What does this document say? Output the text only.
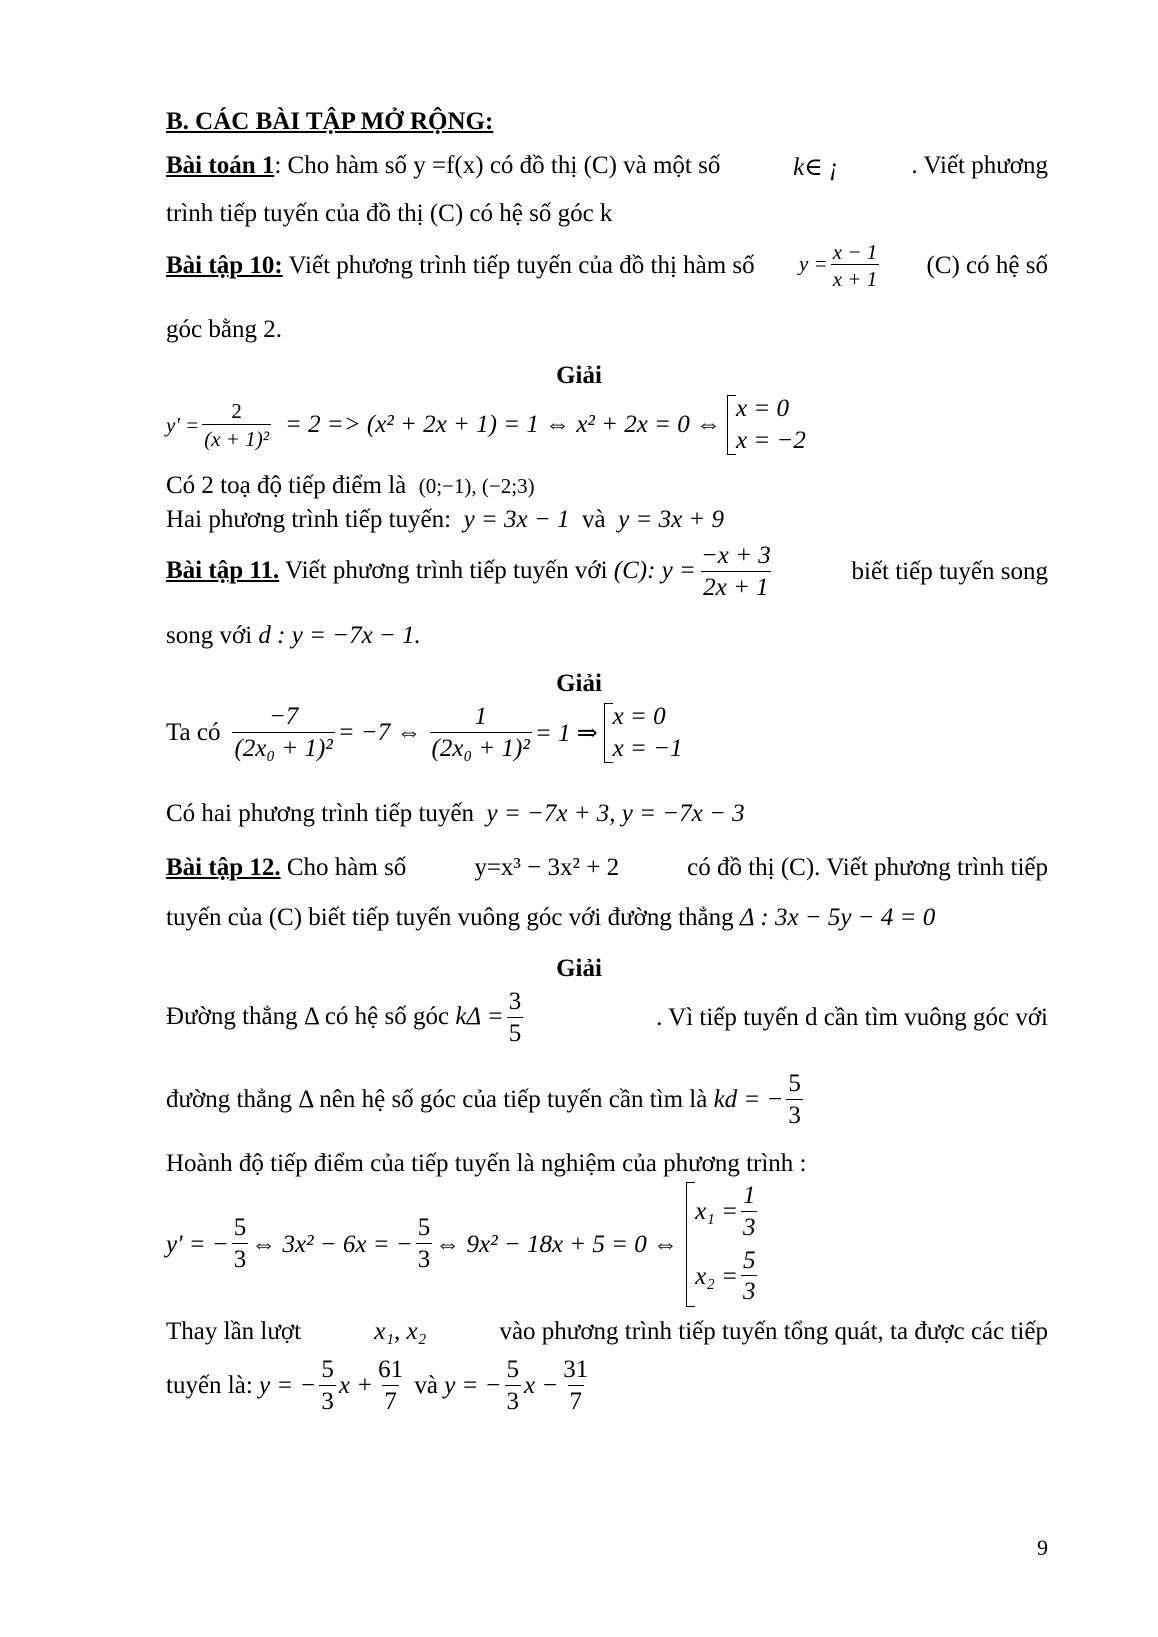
B. CÁC BÀI TẬP MỞ RỘNG:
Bài toán 1: Cho hàm số y =f(x) có đồ thị (C) và một số	k∈ ¡	. Viết phương
trình tiếp tuyến của đồ thị (C) có hệ số góc k
Bài tập 10: Viết phương trình tiếp tuyến của đồ thị hàm số $y = \frac{x - 1}{x + 1} (C)$ có hệ số
góc bằng 2.
Giải
$y' = \frac{2}{\text{(x + 1)²}} = 2 => (x^2 + 2x + 1) = 1$ ⇔ x² + 2x = 0 ⇔
x = 0
x = −2
Có 2 toạ độ tiếp điểm là (0;−1), (−2;3)
Hai phương trình tiếp tuyến: y = 3x − 1 và y = 3x + 9
Bài tập 11. Viết phương trình tiếp tuyến với (C): $y = \frac{-x + 3}{2x + 1}$	biết tiếp tuyến song
song với d : y = −7x − 1.
Giải
Ta có $\frac{-7}{\text{(2x₀ + 1)²}} = -7$ ⇔ $\frac{1}{\text{(2x₀ + 1)²}} = 1$ ⇒
x = 0
x = −1
Có hai phương trình tiếp tuyến y = −7x + 3, y = −7x − 3
Bài tập 12. Cho hàm số	y=x³ − 3x² + 2	có đồ thị (C). Viết phương trình tiếp
tuyến của (C) biết tiếp tuyến vuông góc với đường thẳng Δ : 3x − 5y − 4 = 0
Giải
Đường thẳng Δ có hệ số góc $k\Delta = \frac{3}{5}$	. Vì tiếp tuyến d cần tìm vuông góc với
đường thẳng Δ nên hệ số góc của tiếp tuyến cần tìm là
kd = − $\frac{5}{3}$
Hoành độ tiếp điểm của tiếp tuyến là nghiệm của phương trình :
y' = − $\frac{5}{3}$ ⇔ 3x² − 6x = − $\frac{5}{3}$ ⇔ 9x² − 18x + 5 = 0 ⇔
$x_1 = \frac{1}{3}$
$x_2 = \frac{5}{3}$
Thay lần lượt	x₁, x₂	vào phương trình tiếp tuyến tổng quát, ta được các tiếp
tuyến là:
y = − $\frac{5}{3}$ $x + \frac{61}{7}$
và
y = − $\frac{5}{3}$ $x - \frac{31}{7}$
9
